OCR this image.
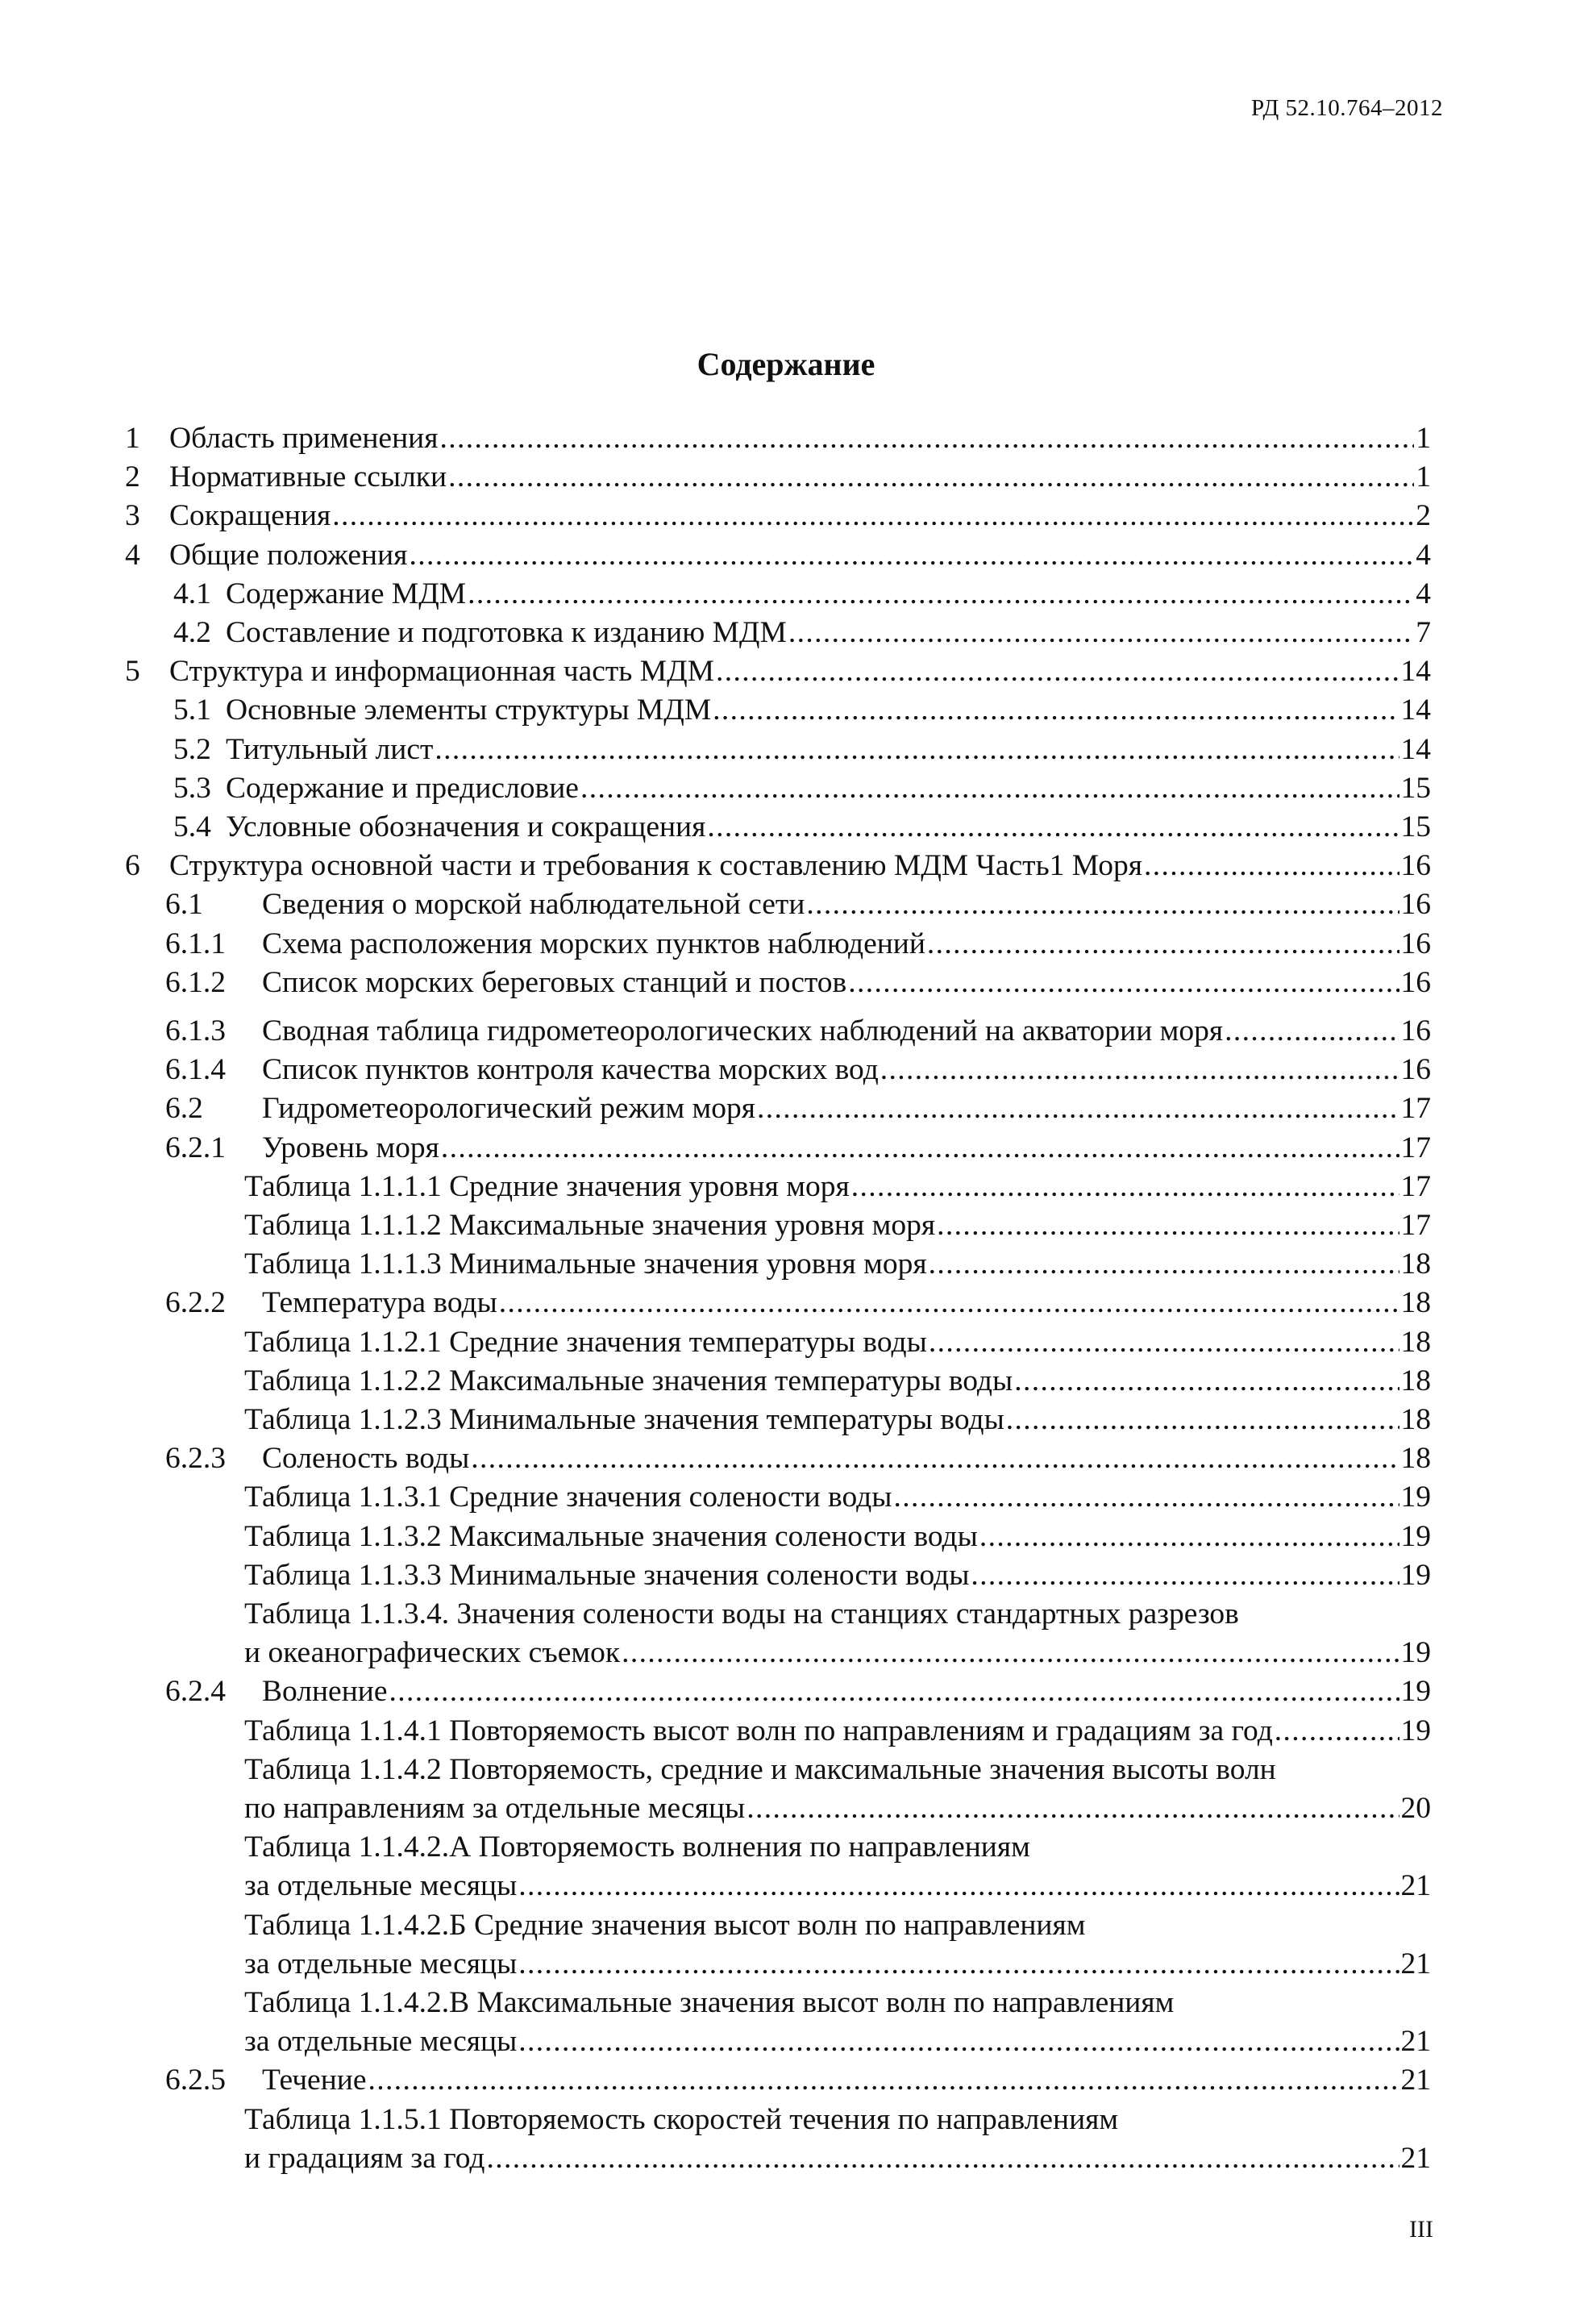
РД 52.10.764–2012
Содержание
1 Область применения . . .	1
2 Нормативные ссылки . . .	1
3 Сокращения . . .	2
4 Общие положения . . .	4
4.1 Содержание МДМ . . .	4
4.2 Составление и подготовка к изданию МДМ . . .	7
5 Структура и информационная часть МДМ . . .	14
5.1 Основные элементы структуры МДМ . . .	14
5.2 Титульный лист . . .	14
5.3 Содержание и предисловие . . .	15
5.4 Условные обозначения и сокращения . . .	15
6 Структура основной части и требования к составлению МДМ Часть1 Моря . . .	16
6.1	Сведения о морской наблюдательной сети . . .	16
6.1.1	Схема расположения морских пунктов наблюдений . . .	16
6.1.2	Список морских береговых станций и постов . . .	16
6.1.3	Сводная таблица гидрометеорологических наблюдений на акватории моря . . .	16
6.1.4	Список пунктов контроля качества морских вод . . .	16
6.2	Гидрометеорологический режим моря . . .	17
6.2.1	Уровень моря . . .	17
Таблица 1.1.1.1 Средние значения уровня моря . . .	17
Таблица 1.1.1.2 Максимальные значения уровня моря . . .	17
Таблица 1.1.1.3 Минимальные значения уровня моря . . .	18
6.2.2	Температура воды . . .	18
Таблица 1.1.2.1 Средние значения температуры воды . . .	18
Таблица 1.1.2.2 Максимальные значения температуры воды . . .	18
Таблица 1.1.2.3 Минимальные значения температуры воды . . .	18
6.2.3	Соленость воды . . .	18
Таблица 1.1.3.1 Средние значения солености воды . . .	19
Таблица 1.1.3.2 Максимальные значения солености воды . . .	19
Таблица 1.1.3.3 Минимальные значения солености воды . . .	19
Таблица 1.1.3.4. Значения солености воды на станциях стандартных разрезов
и океанографических съемок . . .	19
6.2.4	Волнение . . .	19
Таблица 1.1.4.1 Повторяемость высот волн по направлениям и градациям за год . . .	19
Таблица 1.1.4.2 Повторяемость, средние и максимальные значения высоты волн
по направлениям за отдельные месяцы . . .	20
Таблица 1.1.4.2.А Повторяемость волнения по направлениям
за отдельные месяцы . . .	21
Таблица 1.1.4.2.Б Средние значения высот волн по направлениям
за отдельные месяцы . . .	21
Таблица 1.1.4.2.В Максимальные значения высот волн по направлениям
за отдельные месяцы . . .	21
6.2.5	Течение . . .	21
Таблица 1.1.5.1 Повторяемость скоростей течения по направлениям
и градациям за год . . .	21
III
